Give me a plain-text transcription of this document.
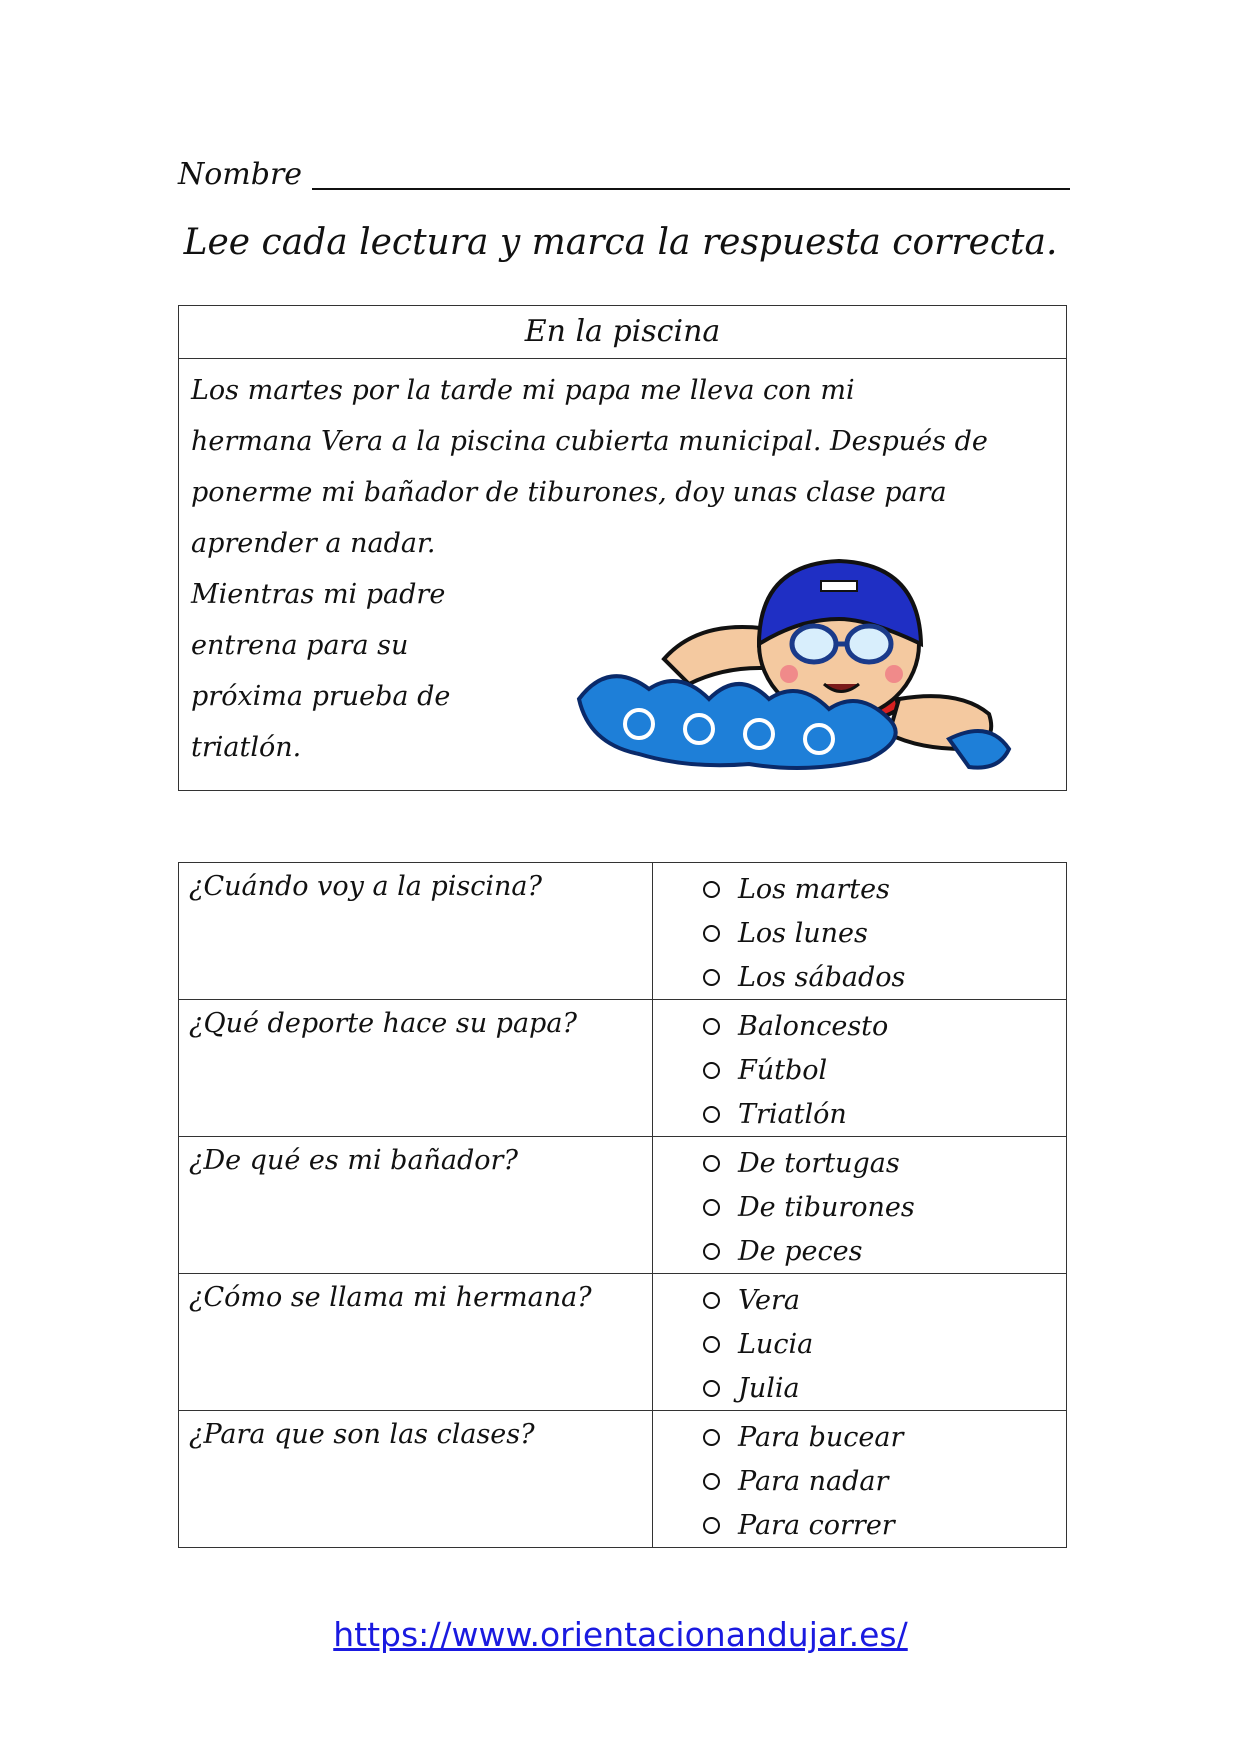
Nombre
Lee cada lectura y marca la respuesta correcta.
En la piscina

Los martes por la tarde mi papa me lleva con mi

hermana Vera a la piscina cubierta municipal. Después de

ponerme mi bañador de tiburones, doy unas clase para

aprender a nadar.

Mientras mi padre

entrena para su

próxima prueba de

triatlón.

¿Cuándo voy a la piscina?	Los martes
Los lunes
Los sábados

¿Qué deporte hace su papa?	Baloncesto
Fútbol
Triatlón

¿De qué es mi bañador?	De tortugas
De tiburones
De peces

¿Cómo se llama mi hermana?	Vera
Lucia
Julia

¿Para que son las clases?	Para bucear
Para nadar
Para correr
https://www.orientacionandujar.es/
